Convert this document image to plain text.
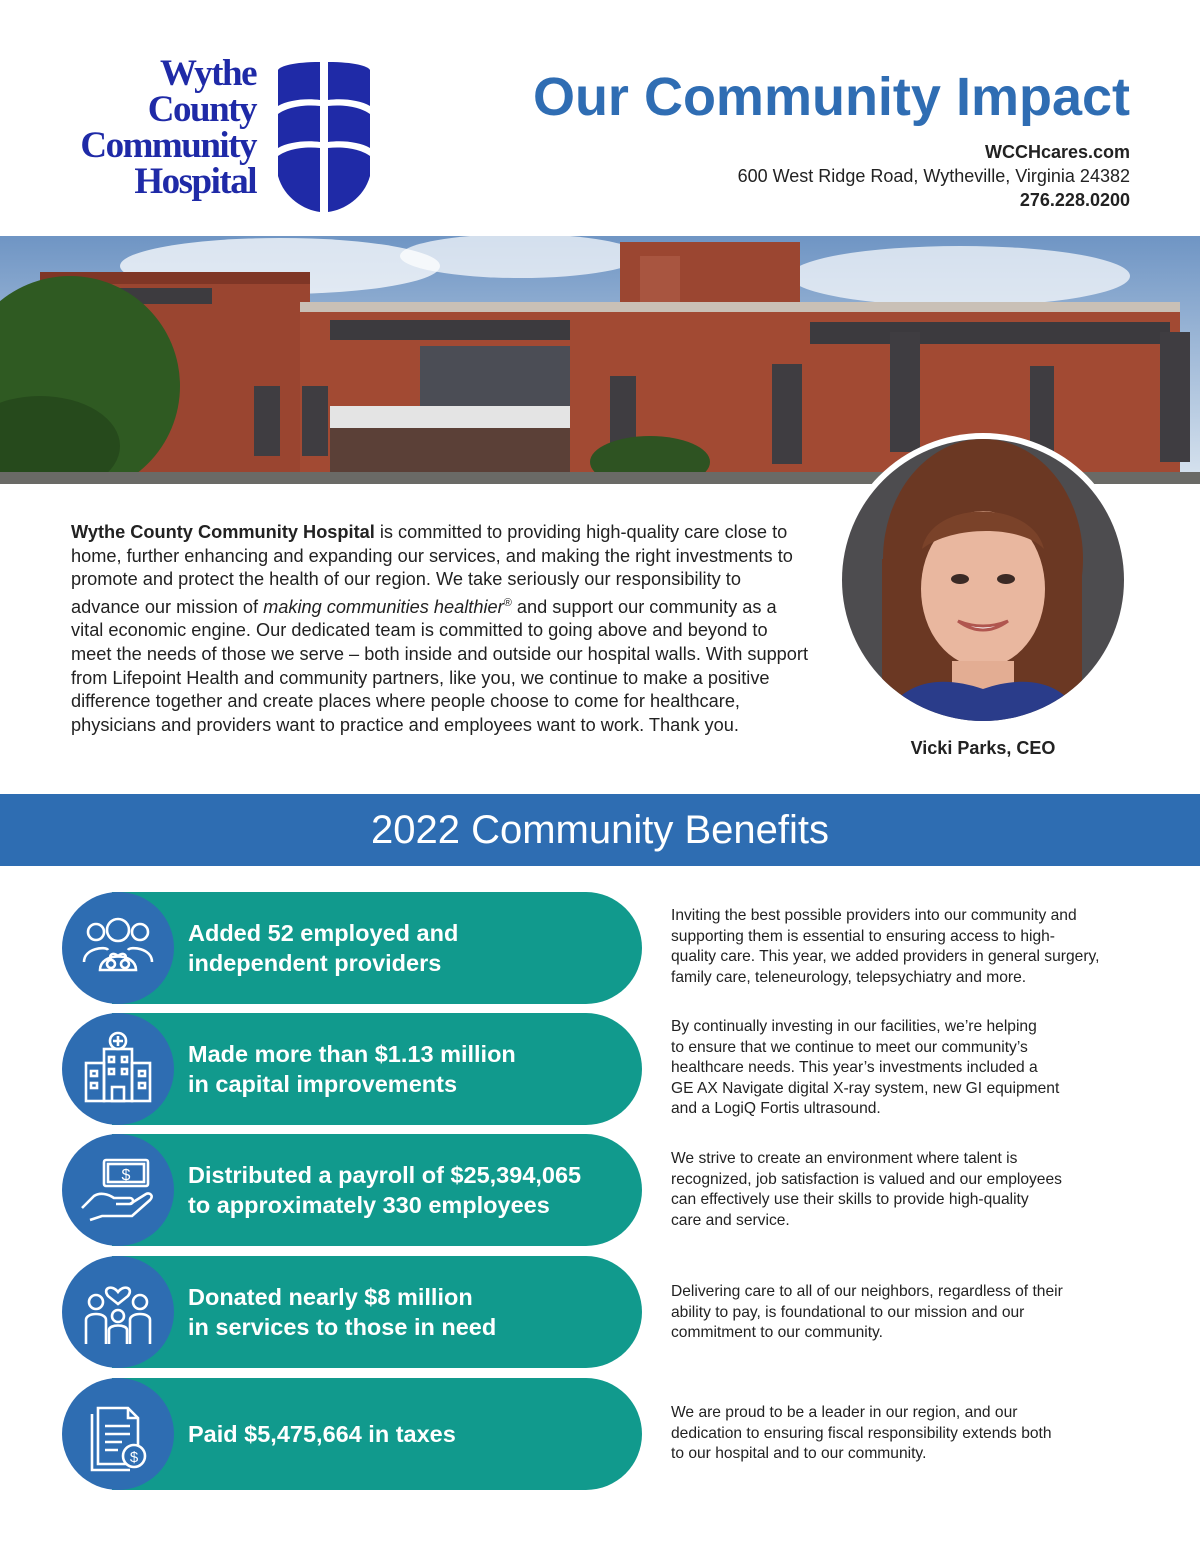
Wythe
County
Community
Hospital
Our Community Impact
WCCHcares.com
600 West Ridge Road, Wytheville, Virginia 24382
276.228.0200
Vicki Parks, CEO
Wythe County Community Hospital is committed to providing high-quality care close to home, further enhancing and expanding our services, and making the right investments to promote and protect the health of our region. We take seriously our responsibility to advance our mission of making communities healthier® and support our community as a vital economic engine. Our dedicated team is committed to going above and beyond to meet the needs of those we serve – both inside and outside our hospital walls. With support from Lifepoint Health and community partners, like you, we continue to make a positive difference together and create places where people choose to come for healthcare, physicians and providers want to practice and employees want to work. Thank you.
2022 Community Benefits
Added 52 employed and
independent providers
Inviting the best possible providers into our community and
supporting them is essential to ensuring access to high-
quality care. This year, we added providers in general surgery,
family care, teleneurology, telepsychiatry and more.
Made more than $1.13 million
in capital improvements
By continually investing in our facilities, we’re helping
to ensure that we continue to meet our community’s
healthcare needs. This year’s investments included a
GE AX Navigate digital X-ray system, new GI equipment
and a LogiQ Fortis ultrasound.
$ Distributed a payroll of $25,394,065
to approximately 330 employees
We strive to create an environment where talent is
recognized, job satisfaction is valued and our employees
can effectively use their skills to provide high-quality
care and service.
Donated nearly $8 million
in services to those in need
Delivering care to all of our neighbors, regardless of their
ability to pay, is foundational to our mission and our
commitment to our community.
$
Paid $5,475,664 in taxes
We are proud to be a leader in our region, and our
dedication to ensuring fiscal responsibility extends both
to our hospital and to our community.
